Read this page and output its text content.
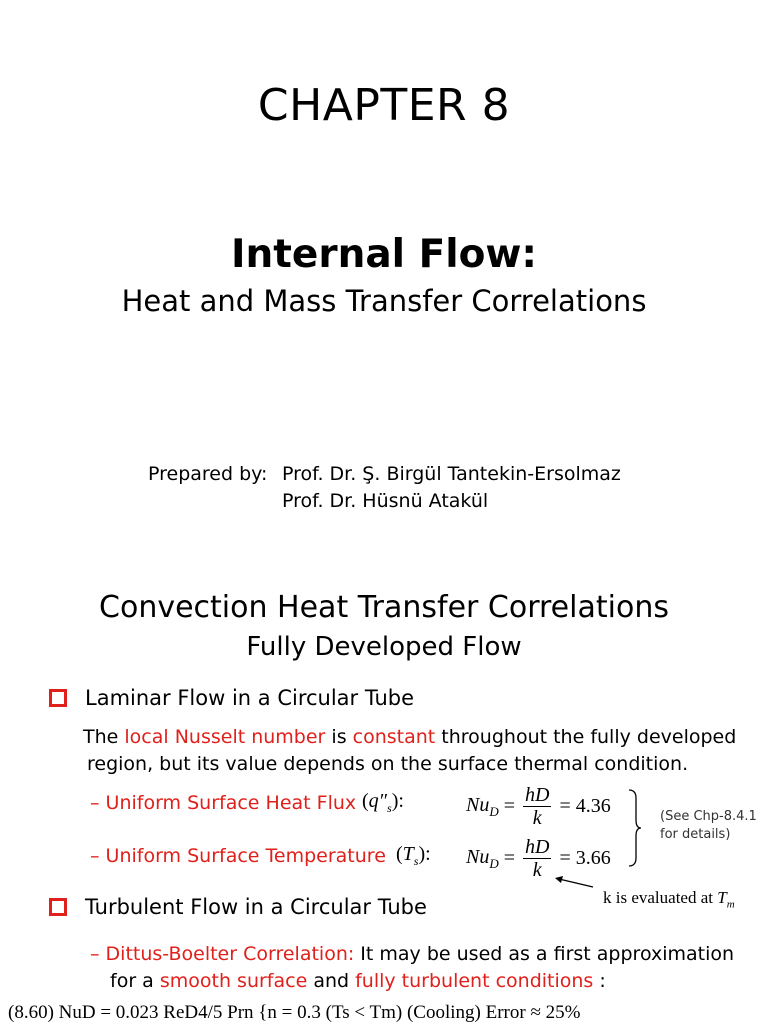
CHAPTER 8
Internal Flow:
Heat and Mass Transfer Correlations
Prepared by: Prof. Dr. Ş. Birgül Tantekin-Ersolmaz
Prof. Dr. Hüsnü Atakül
Convection Heat Transfer Correlations
Fully Developed Flow
Laminar Flow in a Circular Tube
The local Nusselt number is constant throughout the fully developed
region, but its value depends on the surface thermal condition.
– Uniform Surface Heat Flux $(q''_s)$:	$Nu_D = \frac{hD}{k} = 4.36$
– Uniform Surface Temperature $(T_s)$: $Nu_D = \frac{hD}{k} = 3.66$
(See Chp-8.4.1
for details)
k is evaluated at $T_m$
Turbulent Flow in a Circular Tube
– Dittus-Boelter Correlation: It may be used as a first approximation
for a smooth surface and fully turbulent conditions :
(8.60) NuD = 0.023 ReD4/5 Prn {n = 0.3 (Ts < Tm) (Cooling) Error ≈ 25%
